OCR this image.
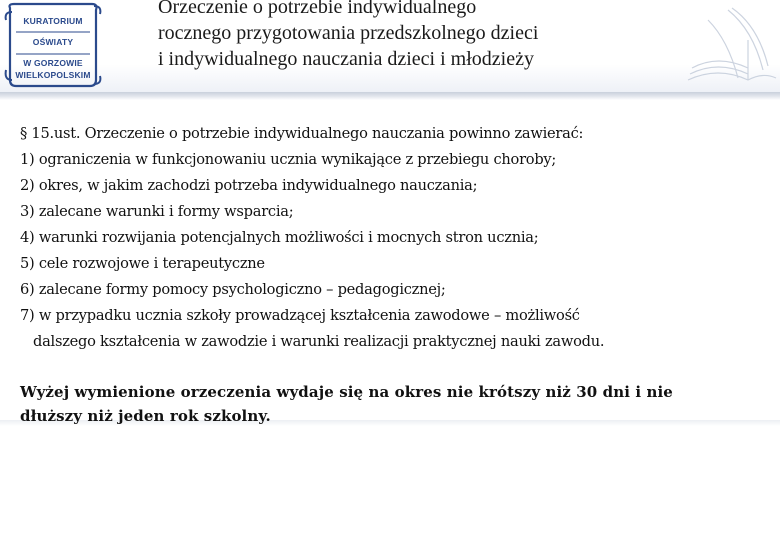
KURATORIUM
OŚWIATY
W GORZOWIE
WIELKOPOLSKIM
Orzeczenie o potrzebie indywidualnego
rocznego przygotowania przedszkolnego dzieci
i indywidualnego nauczania dzieci i młodzieży
§ 15.ust. Orzeczenie o potrzebie indywidualnego nauczania powinno zawierać:
1) ograniczenia w funkcjonowaniu ucznia wynikające z przebiegu choroby;
2) okres, w jakim zachodzi potrzeba indywidualnego nauczania;
3) zalecane warunki i formy wsparcia;
4) warunki rozwijania potencjalnych możliwości i mocnych stron ucznia;
5) cele rozwojowe i terapeutyczne
6) zalecane formy pomocy psychologiczno – pedagogicznej;
7) w przypadku ucznia szkoły prowadzącej kształcenia zawodowe – możliwość
dalszego kształcenia w zawodzie i warunki realizacji praktycznej nauki zawodu.
Wyżej wymienione orzeczenia wydaje się na okres nie krótszy niż 30 dni i nie
dłuższy niż jeden rok szkolny.
